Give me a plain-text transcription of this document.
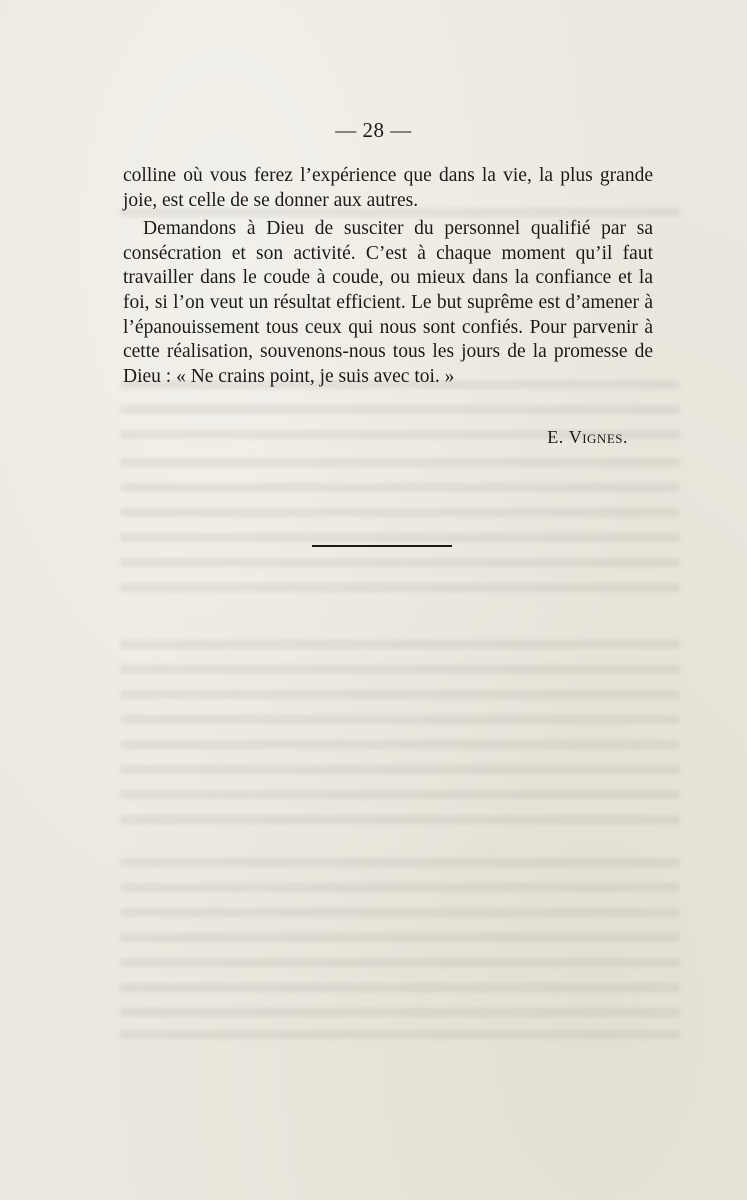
— 28 —

colline où vous ferez l’expérience que dans la vie, la plus grande joie, est celle de se donner aux autres.

Demandons à Dieu de susciter du personnel qualifié par sa consécration et son activité. C’est à chaque moment qu’il faut travailler dans le coude à coude, ou mieux dans la confiance et la foi, si l’on veut un résultat efficient. Le but suprême est d’amener à l’épanouissement tous ceux qui nous sont confiés. Pour parvenir à cette réalisation, souvenons-nous tous les jours de la promesse de Dieu : « Ne crains point, je suis avec toi. »

E. Vignes.
